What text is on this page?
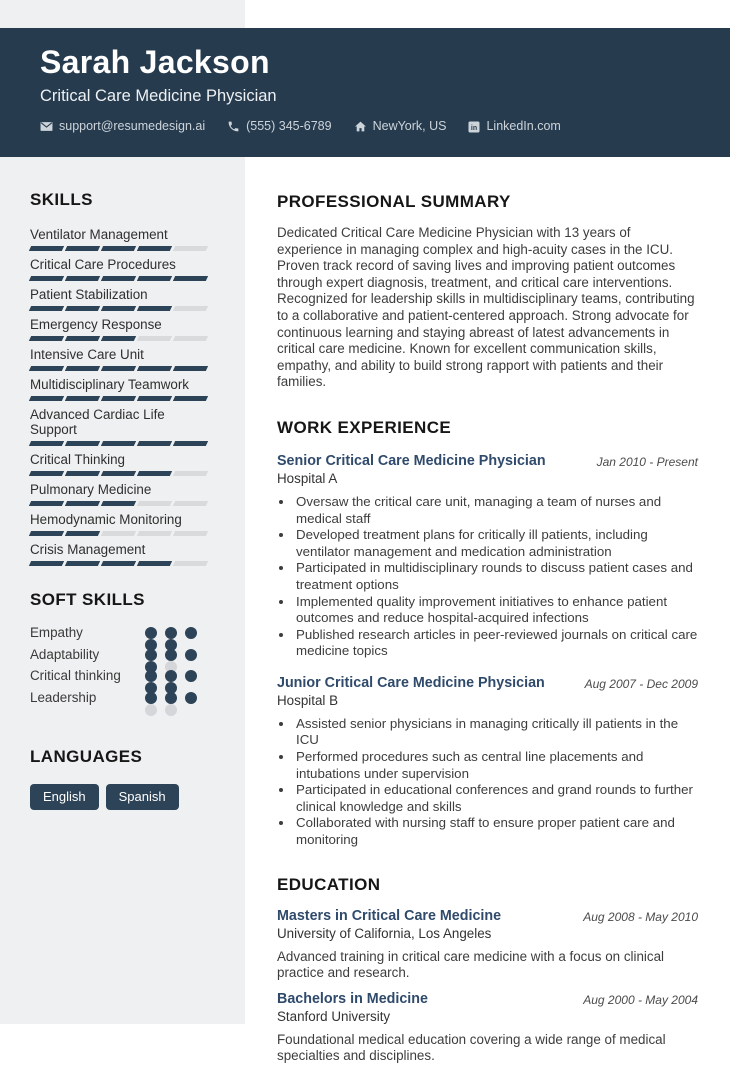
Sarah Jackson
Critical Care Medicine Physician
support@resumedesign.ai	(555) 345-6789	NewYork, US in LinkedIn.com
SKILLS
Ventilator Management
Critical Care Procedures
Patient Stabilization
Emergency Response
Intensive Care Unit
Multidisciplinary Teamwork
Advanced Cardiac Life Support
Critical Thinking
Pulmonary Medicine
Hemodynamic Monitoring
Crisis Management
SOFT SKILLS
Empathy
Adaptability
Critical thinking
Leadership
LANGUAGES
English	Spanish
PROFESSIONAL SUMMARY
Dedicated Critical Care Medicine Physician with 13 years of experience in managing complex and high-acuity cases in the ICU. Proven track record of saving lives and improving patient outcomes through expert diagnosis, treatment, and critical care interventions. Recognized for leadership skills in multidisciplinary teams, contributing to a collaborative and patient-centered approach. Strong advocate for continuous learning and staying abreast of latest advancements in critical care medicine. Known for excellent communication skills, empathy, and ability to build strong rapport with patients and their families.
WORK EXPERIENCE
Senior Critical Care Medicine Physician	Jan 2010 - Present
Hospital A
• Oversaw the critical care unit, managing a team of nurses and medical staff
• Developed treatment plans for critically ill patients, including ventilator management and medication administration
• Participated in multidisciplinary rounds to discuss patient cases and treatment options
• Implemented quality improvement initiatives to enhance patient outcomes and reduce hospital-acquired infections
• Published research articles in peer-reviewed journals on critical care medicine topics
Junior Critical Care Medicine Physician	Aug 2007 - Dec 2009
Hospital B
• Assisted senior physicians in managing critically ill patients in the ICU
• Performed procedures such as central line placements and intubations under supervision
• Participated in educational conferences and grand rounds to further clinical knowledge and skills
• Collaborated with nursing staff to ensure proper patient care and monitoring
EDUCATION
Masters in Critical Care Medicine	Aug 2008 - May 2010
University of California, Los Angeles
Advanced training in critical care medicine with a focus on clinical practice and research.
Bachelors in Medicine	Aug 2000 - May 2004
Stanford University
Foundational medical education covering a wide range of medical specialties and disciplines.
